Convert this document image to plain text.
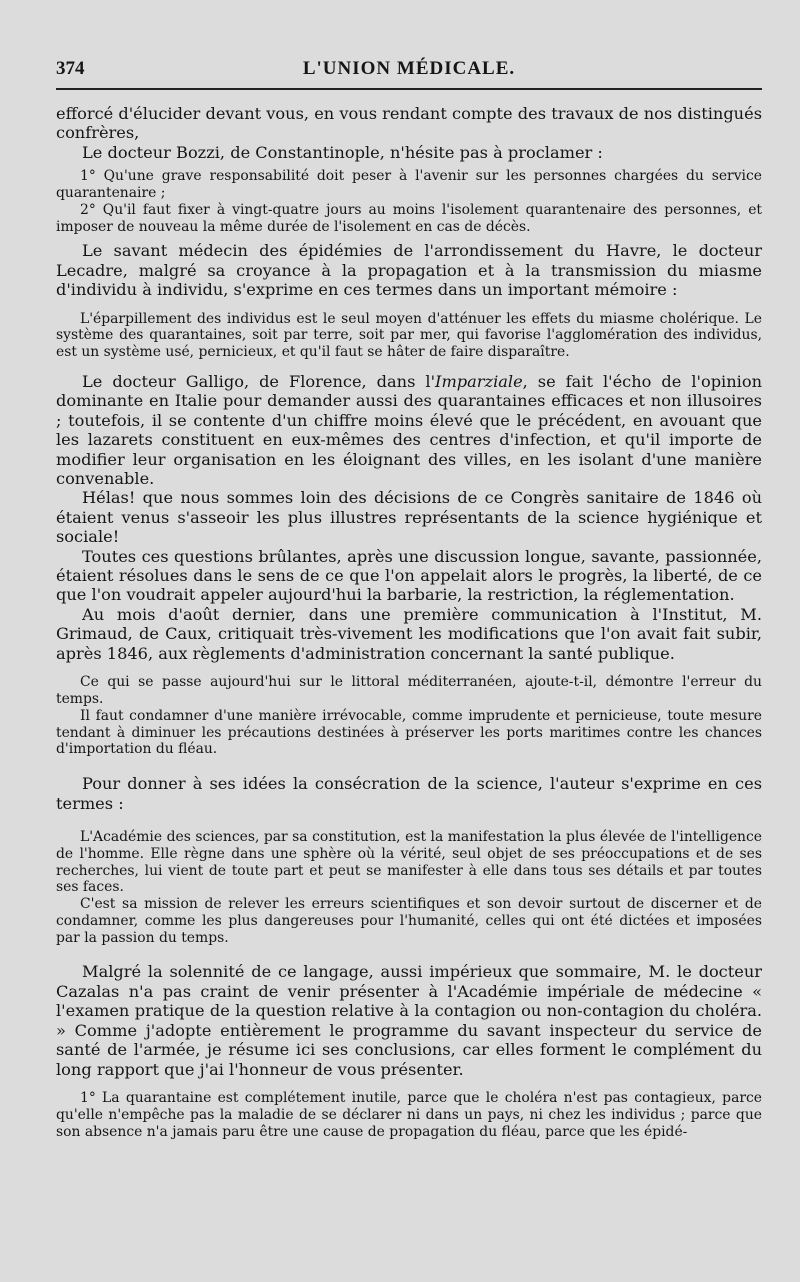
374	L'UNION MÉDICALE.

efforcé d'élucider devant vous, en vous rendant compte des travaux de nos distingués confrères,

Le docteur Bozzi, de Constantinople, n'hésite pas à proclamer :

1° Qu'une grave responsabilité doit peser à l'avenir sur les personnes chargées du service quarantenaire ;

2° Qu'il faut fixer à vingt-quatre jours au moins l'isolement quarantenaire des personnes, et imposer de nouveau la même durée de l'isolement en cas de décès.

Le savant médecin des épidémies de l'arrondissement du Havre, le docteur Lecadre, malgré sa croyance à la propagation et à la transmission du miasme d'individu à individu, s'exprime en ces termes dans un important mémoire :

L'éparpillement des individus est le seul moyen d'atténuer les effets du miasme cholérique. Le système des quarantaines, soit par terre, soit par mer, qui favorise l'agglomération des individus, est un système usé, pernicieux, et qu'il faut se hâter de faire disparaître.

Le docteur Galligo, de Florence, dans l'Imparziale, se fait l'écho de l'opinion dominante en Italie pour demander aussi des quarantaines efficaces et non illusoires ; toutefois, il se contente d'un chiffre moins élevé que le précédent, en avouant que les lazarets constituent en eux-mêmes des centres d'infection, et qu'il importe de modifier leur organisation en les éloignant des villes, en les isolant d'une manière convenable.

Hélas! que nous sommes loin des décisions de ce Congrès sanitaire de 1846 où étaient venus s'asseoir les plus illustres représentants de la science hygiénique et sociale!

Toutes ces questions brûlantes, après une discussion longue, savante, passionnée, étaient résolues dans le sens de ce que l'on appelait alors le progrès, la liberté, de ce que l'on voudrait appeler aujourd'hui la barbarie, la restriction, la réglementation.

Au mois d'août dernier, dans une première communication à l'Institut, M. Grimaud, de Caux, critiquait très-vivement les modifications que l'on avait fait subir, après 1846, aux règlements d'administration concernant la santé publique.

Ce qui se passe aujourd'hui sur le littoral méditerranéen, ajoute-t-il, démontre l'erreur du temps.

Il faut condamner d'une manière irrévocable, comme imprudente et pernicieuse, toute mesure tendant à diminuer les précautions destinées à préserver les ports maritimes contre les chances d'importation du fléau.

Pour donner à ses idées la consécration de la science, l'auteur s'exprime en ces termes :

L'Académie des sciences, par sa constitution, est la manifestation la plus élevée de l'intelligence de l'homme. Elle règne dans une sphère où la vérité, seul objet de ses préoccupations et de ses recherches, lui vient de toute part et peut se manifester à elle dans tous ses détails et par toutes ses faces.

C'est sa mission de relever les erreurs scientifiques et son devoir surtout de discerner et de condamner, comme les plus dangereuses pour l'humanité, celles qui ont été dictées et imposées par la passion du temps.

Malgré la solennité de ce langage, aussi impérieux que sommaire, M. le docteur Cazalas n'a pas craint de venir présenter à l'Académie impériale de médecine « l'examen pratique de la question relative à la contagion ou non-contagion du choléra. » Comme j'adopte entièrement le programme du savant inspecteur du service de santé de l'armée, je résume ici ses conclusions, car elles forment le complément du long rapport que j'ai l'honneur de vous présenter.

1° La quarantaine est complétement inutile, parce que le choléra n'est pas contagieux, parce qu'elle n'empêche pas la maladie de se déclarer ni dans un pays, ni chez les individus ; parce que son absence n'a jamais paru être une cause de propagation du fléau, parce que les épidé-
